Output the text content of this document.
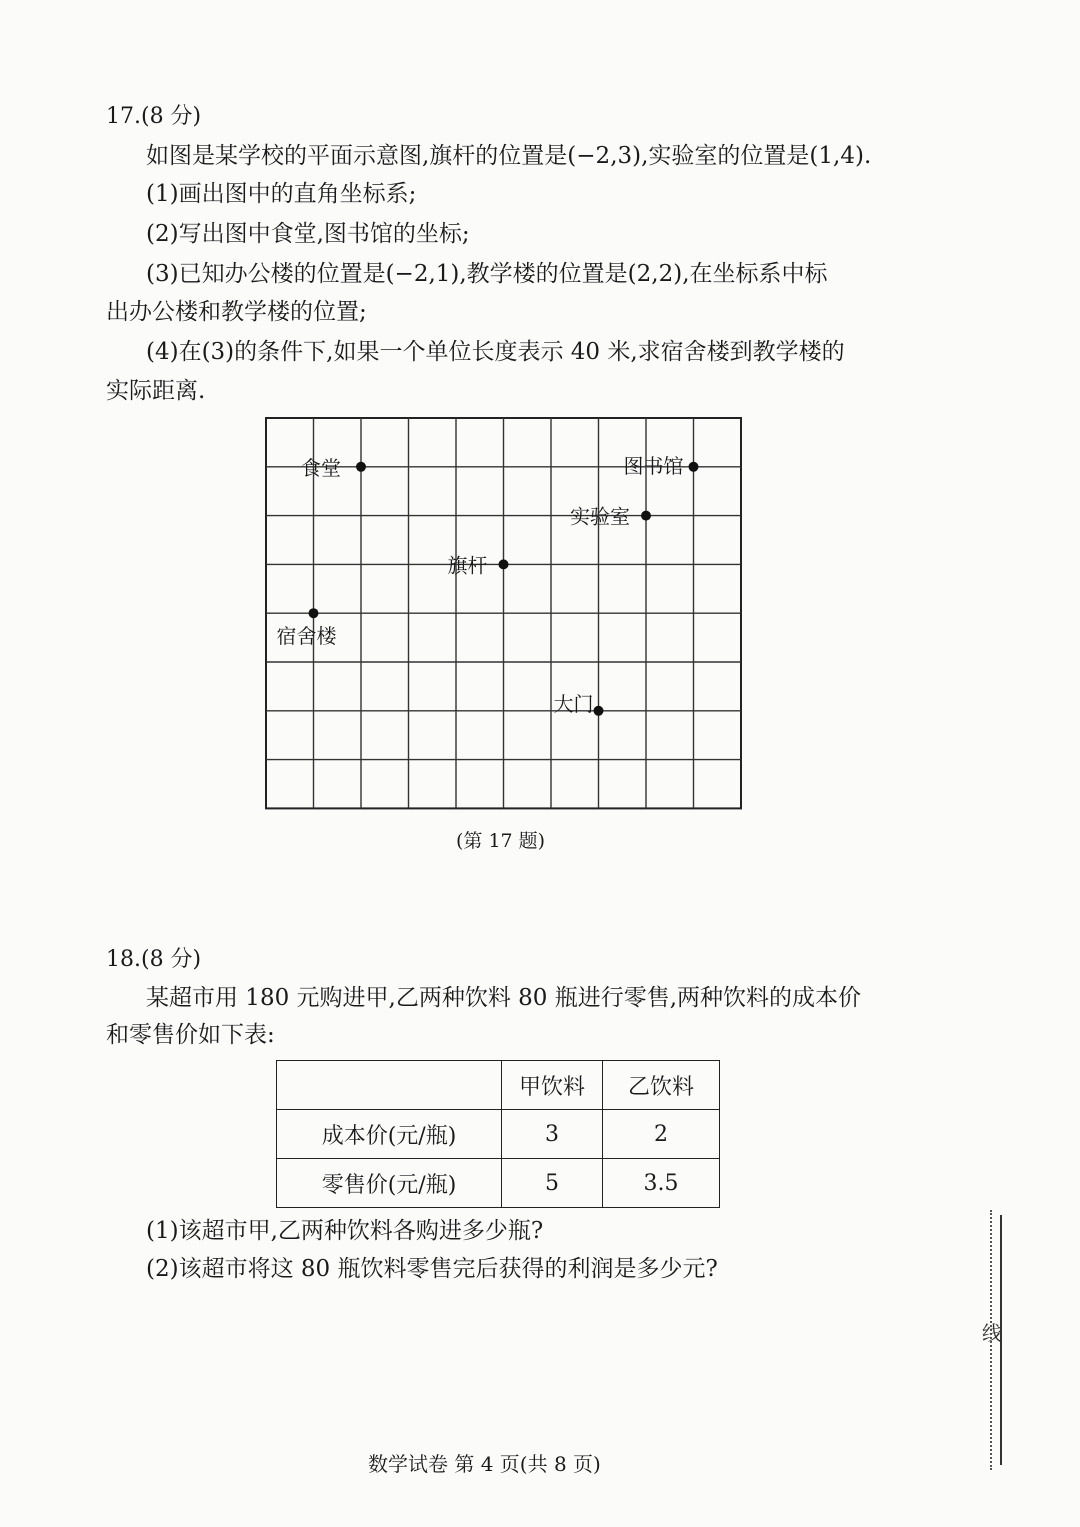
17.(8 分)
如图是某学校的平面示意图,旗杆的位置是(−2,3),实验室的位置是(1,4).
(1)画出图中的直角坐标系;
(2)写出图中食堂,图书馆的坐标;
(3)已知办公楼的位置是(−2,1),教学楼的位置是(2,2),在坐标系中标
出办公楼和教学楼的位置;
(4)在(3)的条件下,如果一个单位长度表示 40 米,求宿舍楼到教学楼的
实际距离.
食堂	图书馆
实验室
旗杆
宿舍楼
大门
(第 17 题)
18.(8 分)
某超市用 180 元购进甲,乙两种饮料 80 瓶进行零售,两种饮料的成本价
和零售价如下表:
	甲饮料	乙饮料
成本价(元/瓶)	3	2
零售价(元/瓶)	5	3.5
(1)该超市甲,乙两种饮料各购进多少瓶?
(2)该超市将这 80 瓶饮料零售完后获得的利润是多少元?
线
数学试卷 第 4 页(共 8 页)
